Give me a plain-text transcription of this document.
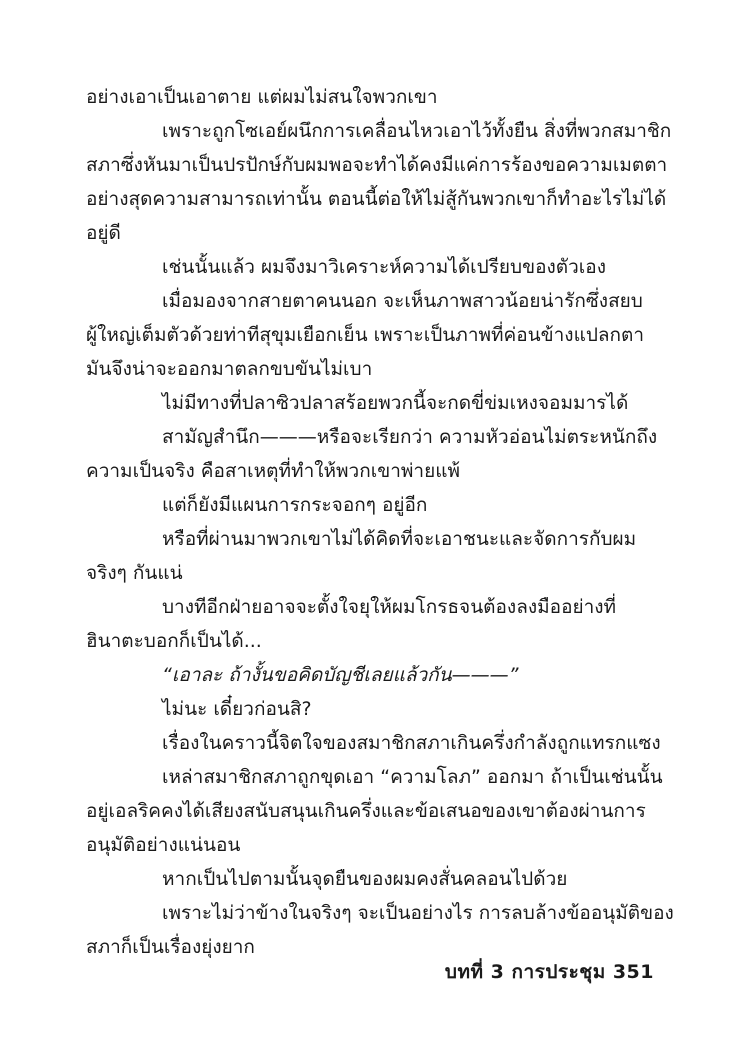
อย่างเอาเป็นเอาตาย แต่ผมไม่สนใจพวกเขา
เพราะถูกโซเอย์ผนึกการเคลื่อนไหวเอาไว้ทั้งยืน สิ่งที่พวกสมาชิก
สภาซึ่งหันมาเป็นปรปักษ์กับผมพอจะทำได้คงมีแค่การร้องขอความเมตตา
อย่างสุดความสามารถเท่านั้น ตอนนี้ต่อให้ไม่สู้กันพวกเขาก็ทำอะไรไม่ได้
อยู่ดี
เช่นนั้นแล้ว ผมจึงมาวิเคราะห์ความได้เปรียบของตัวเอง
เมื่อมองจากสายตาคนนอก จะเห็นภาพสาวน้อยน่ารักซึ่งสยบ
ผู้ใหญ่เต็มตัวด้วยท่าทีสุขุมเยือกเย็น เพราะเป็นภาพที่ค่อนข้างแปลกตา
มันจึงน่าจะออกมาตลกขบขันไม่เบา
ไม่มีทางที่ปลาซิวปลาสร้อยพวกนี้จะกดขี่ข่มเหงจอมมารได้
สามัญสำนึก———หรือจะเรียกว่า ความหัวอ่อนไม่ตระหนักถึง
ความเป็นจริง คือสาเหตุที่ทำให้พวกเขาพ่ายแพ้
แต่ก็ยังมีแผนการกระจอกๆ อยู่อีก
หรือที่ผ่านมาพวกเขาไม่ได้คิดที่จะเอาชนะและจัดการกับผม
จริงๆ กันแน่
บางทีอีกฝ่ายอาจจะตั้งใจยุให้ผมโกรธจนต้องลงมืออย่างที่
ฮินาตะบอกก็เป็นได้...
“เอาละ ถ้างั้นขอคิดบัญชีเลยแล้วกัน———”
ไม่นะ เดี๋ยวก่อนสิ?
เรื่องในคราวนี้จิตใจของสมาชิกสภาเกินครึ่งกำลังถูกแทรกแซง
เหล่าสมาชิกสภาถูกขุดเอา “ความโลภ” ออกมา ถ้าเป็นเช่นนั้น
อยู่เอลริคคงได้เสียงสนับสนุนเกินครึ่งและข้อเสนอของเขาต้องผ่านการ
อนุมัติอย่างแน่นอน
หากเป็นไปตามนั้นจุดยืนของผมคงสั่นคลอนไปด้วย
เพราะไม่ว่าข้างในจริงๆ จะเป็นอย่างไร การลบล้างข้ออนุมัติของ
สภาก็เป็นเรื่องยุ่งยาก
บทที่ 3 การประชุม 351
